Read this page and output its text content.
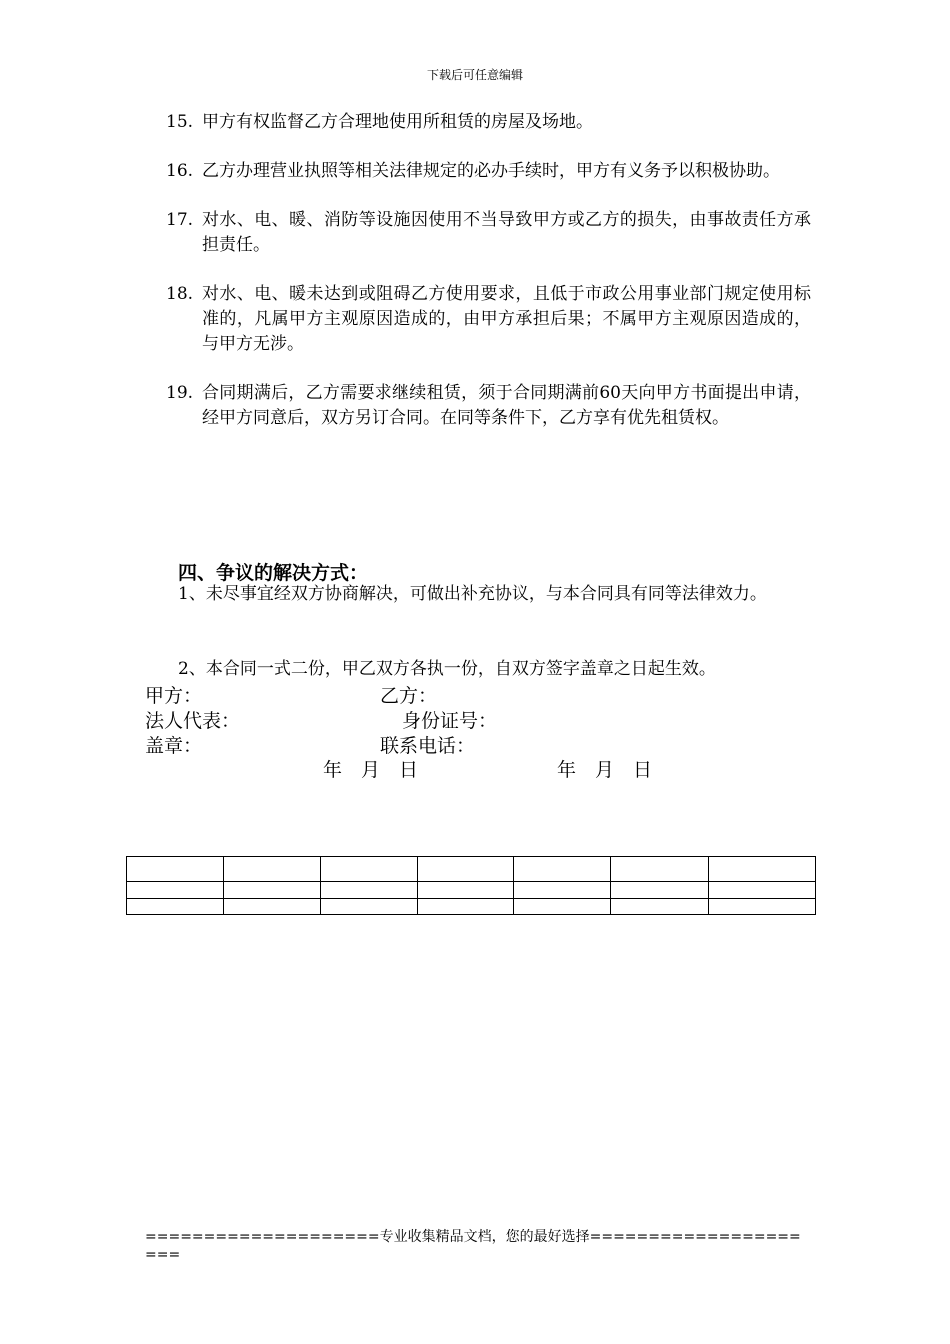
下载后可任意编辑
15. 甲方有权监督乙方合理地使用所租赁的房屋及场地。
16. 乙方办理营业执照等相关法律规定的必办手续时，甲方有义务予以积极协助。
17. 对水、电、暖、消防等设施因使用不当导致甲方或乙方的损失，由事故责任方承担责任。
18. 对水、电、暖未达到或阻碍乙方使用要求，且低于市政公用事业部门规定使用标准的，凡属甲方主观原因造成的，由甲方承担后果；不属甲方主观原因造成的，与甲方无涉。
19. 合同期满后，乙方需要求继续租赁，须于合同期满前60天向甲方书面提出申请，经甲方同意后，双方另订合同。在同等条件下，乙方享有优先租赁权。
四、争议的解决方式：
1、未尽事宜经双方协商解决，可做出补充协议，与本合同具有同等法律效力。
2、本合同一式二份，甲乙双方各执一份，自双方签字盖章之日起生效。
甲方：	乙方：
法人代表：	身份证号：
盖章：	联系电话：
年　月　日	年　月　日

====================专业收集精品文档，您的最好选择=====================
